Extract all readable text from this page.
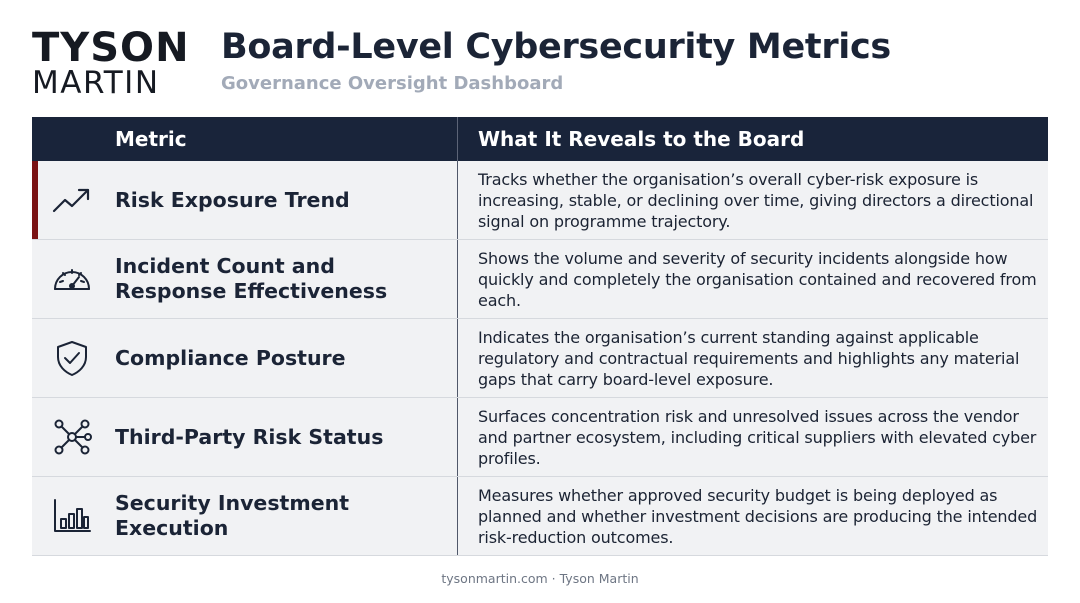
TYSON
MARTIN
Board-Level Cybersecurity Metrics
Governance Oversight Dashboard
Metric	What It Reveals to the Board
Risk Exposure Trend
Tracks whether the organisation’s overall cyber-risk exposure is increasing, stable, or declining over time, giving directors a directional signal on programme trajectory.
Incident Count and Response Effectiveness
Shows the volume and severity of security incidents alongside how quickly and completely the organisation contained and recovered from each.
Compliance Posture
Indicates the organisation’s current standing against applicable regulatory and contractual requirements and highlights any material gaps that carry board-level exposure.
Third-Party Risk Status
Surfaces concentration risk and unresolved issues across the vendor and partner ecosystem, including critical suppliers with elevated cyber profiles.
Security Investment Execution
Measures whether approved security budget is being deployed as planned and whether investment decisions are producing the intended risk-reduction outcomes.
tysonmartin.com · Tyson Martin
